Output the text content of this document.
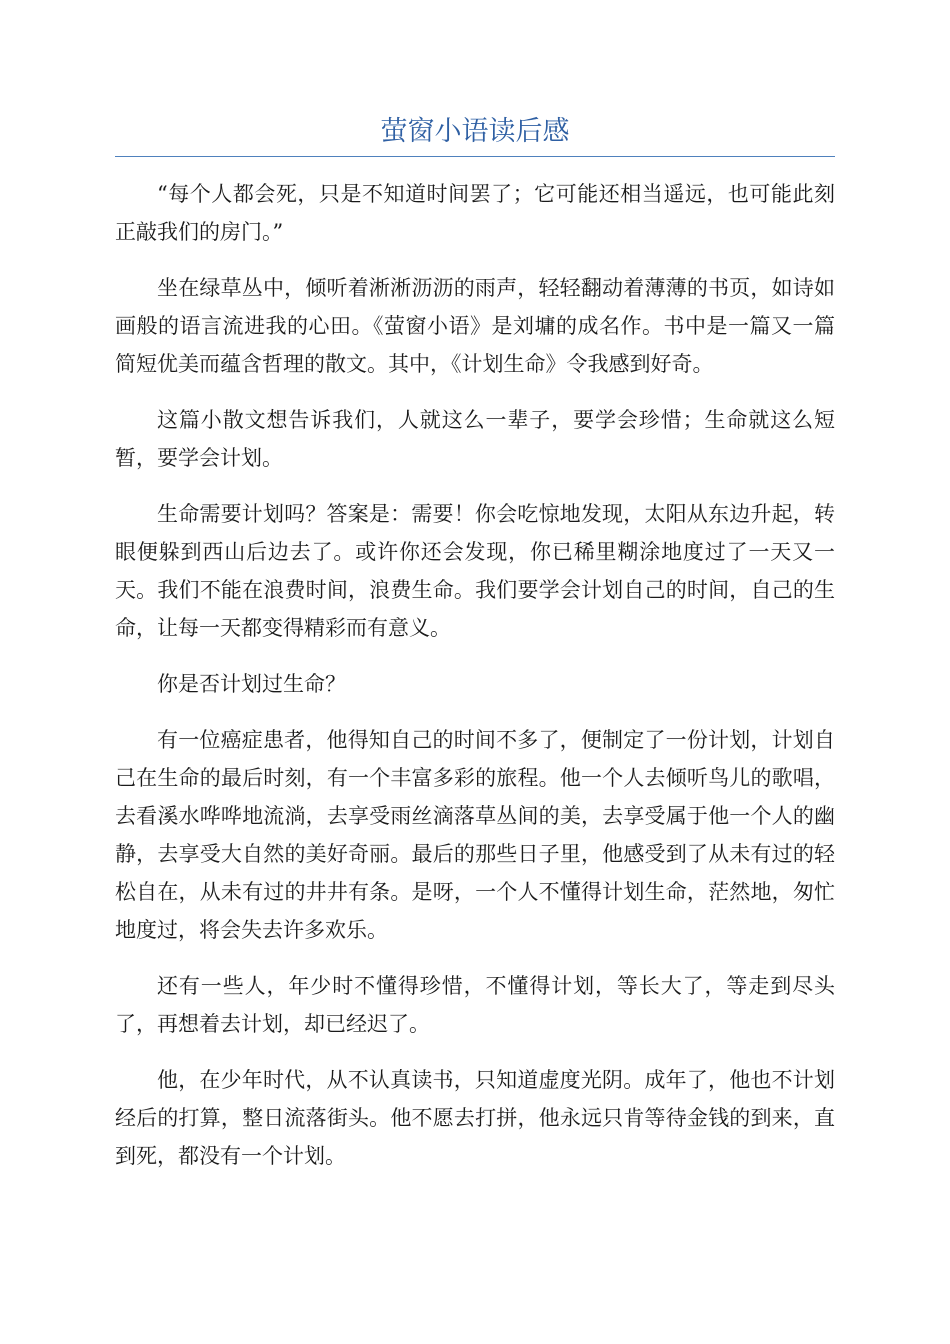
萤窗小语读后感

“每个人都会死，只是不知道时间罢了；它可能还相当遥远，也可能此刻正敲我们的房门。”

坐在绿草丛中，倾听着淅淅沥沥的雨声，轻轻翻动着薄薄的书页，如诗如画般的语言流进我的心田。《萤窗小语》是刘墉的成名作。书中是一篇又一篇简短优美而蕴含哲理的散文。其中，《计划生命》令我感到好奇。

这篇小散文想告诉我们，人就这么一辈子，要学会珍惜；生命就这么短暂，要学会计划。

生命需要计划吗？答案是：需要！你会吃惊地发现，太阳从东边升起，转眼便躲到西山后边去了。或许你还会发现，你已稀里糊涂地度过了一天又一天。我们不能在浪费时间，浪费生命。我们要学会计划自己的时间，自己的生命，让每一天都变得精彩而有意义。

你是否计划过生命？

有一位癌症患者，他得知自己的时间不多了，便制定了一份计划，计划自己在生命的最后时刻，有一个丰富多彩的旅程。他一个人去倾听鸟儿的歌唱，去看溪水哗哗地流淌，去享受雨丝滴落草丛间的美，去享受属于他一个人的幽静，去享受大自然的美好奇丽。最后的那些日子里，他感受到了从未有过的轻松自在，从未有过的井井有条。是呀，一个人不懂得计划生命，茫然地，匆忙地度过，将会失去许多欢乐。

还有一些人，年少时不懂得珍惜，不懂得计划，等长大了，等走到尽头了，再想着去计划，却已经迟了。

他，在少年时代，从不认真读书，只知道虚度光阴。成年了，他也不计划经后的打算，整日流落街头。他不愿去打拼，他永远只肯等待金钱的到来，直到死，都没有一个计划。
